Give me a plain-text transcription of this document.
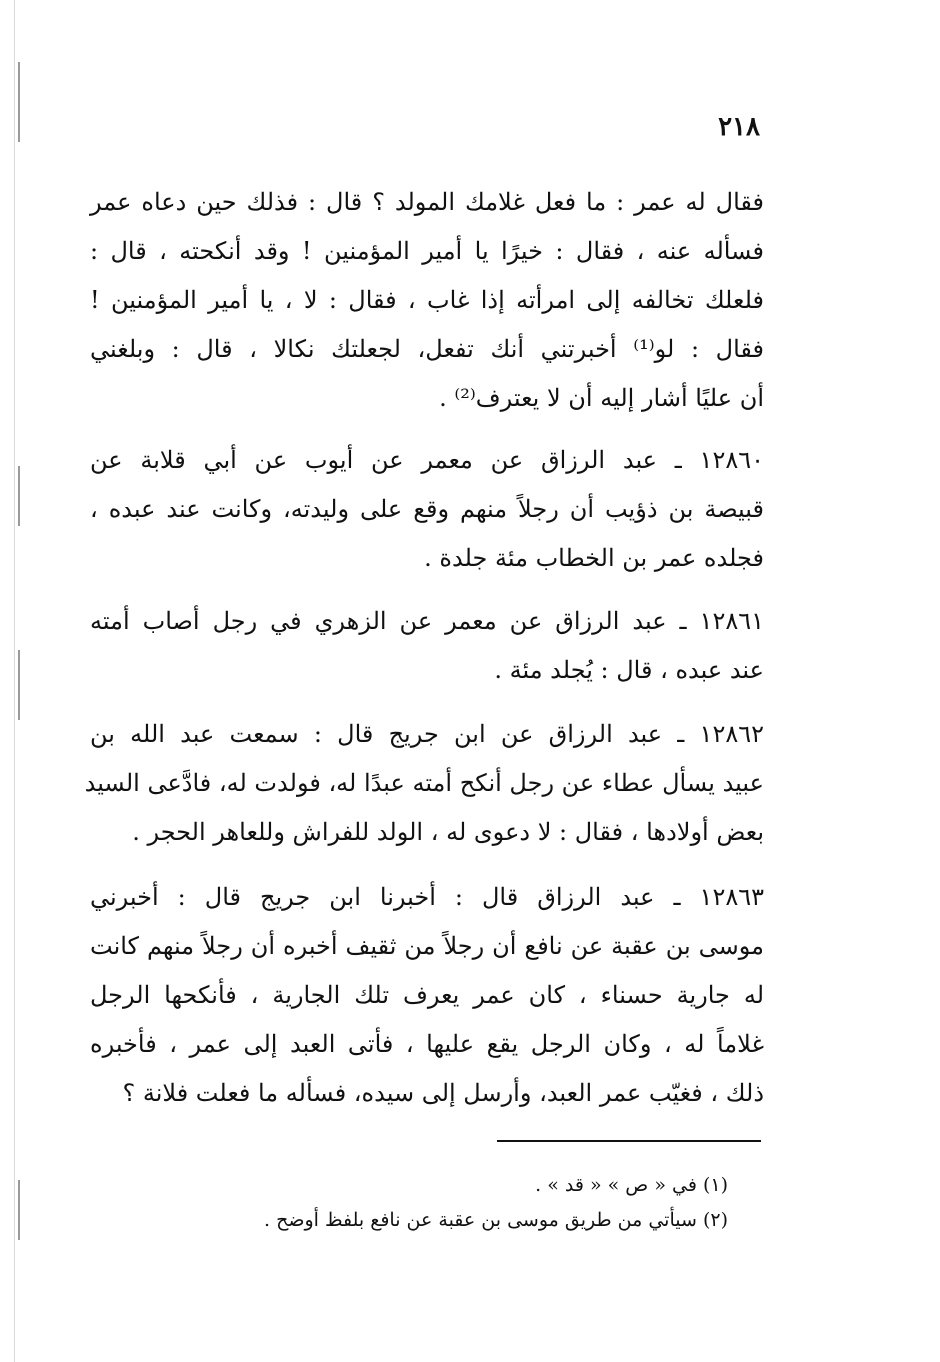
٢١٨
فقال له عمر : ما فعل غلامك المولد ؟ قال : فذلك حين دعاه عمر
فسأله عنه ، فقال : خيرًا يا أمير المؤمنين ! وقد أنكحته ، قال :
فلعلك تخالفه إلى امرأته إذا غاب ، فقال : لا ، يا أمير المؤمنين !
فقال : لو⁽¹⁾ أخبرتني أنك تفعل، لجعلتك نكالا ، قال : وبلغني
أن عليًا أشار إليه أن لا يعترف⁽²⁾ .
١٢٨٦٠ ـ عبد الرزاق عن معمر عن أيوب عن أبي قلابة عن
قبيصة بن ذؤيب أن رجلاً منهم وقع على وليدته، وكانت عند عبده ،
فجلده عمر بن الخطاب مئة جلدة .
١٢٨٦١ ـ عبد الرزاق عن معمر عن الزهري في رجل أصاب أمته
عند عبده ، قال : يُجلد مئة .
١٢٨٦٢ ـ عبد الرزاق عن ابن جريج قال : سمعت عبد الله بن
عبيد يسأل عطاء عن رجل أنكح أمته عبدًا له، فولدت له، فادَّعى السيد
بعض أولادها ، فقال : لا دعوى له ، الولد للفراش وللعاهر الحجر .
١٢٨٦٣ ـ عبد الرزاق قال : أخبرنا ابن جريج قال : أخبرني
موسى بن عقبة عن نافع أن رجلاً من ثقيف أخبره أن رجلاً منهم كانت
له جارية حسناء ، كان عمر يعرف تلك الجارية ، فأنكحها الرجل
غلاماً له ، وكان الرجل يقع عليها ، فأتى العبد إلى عمر ، فأخبره
ذلك ، فغيّب عمر العبد، وأرسل إلى سيده، فسأله ما فعلت فلانة ؟
(١) في « ص » « قد » .
(٢) سيأتي من طريق موسى بن عقبة عن نافع بلفظ أوضح .
